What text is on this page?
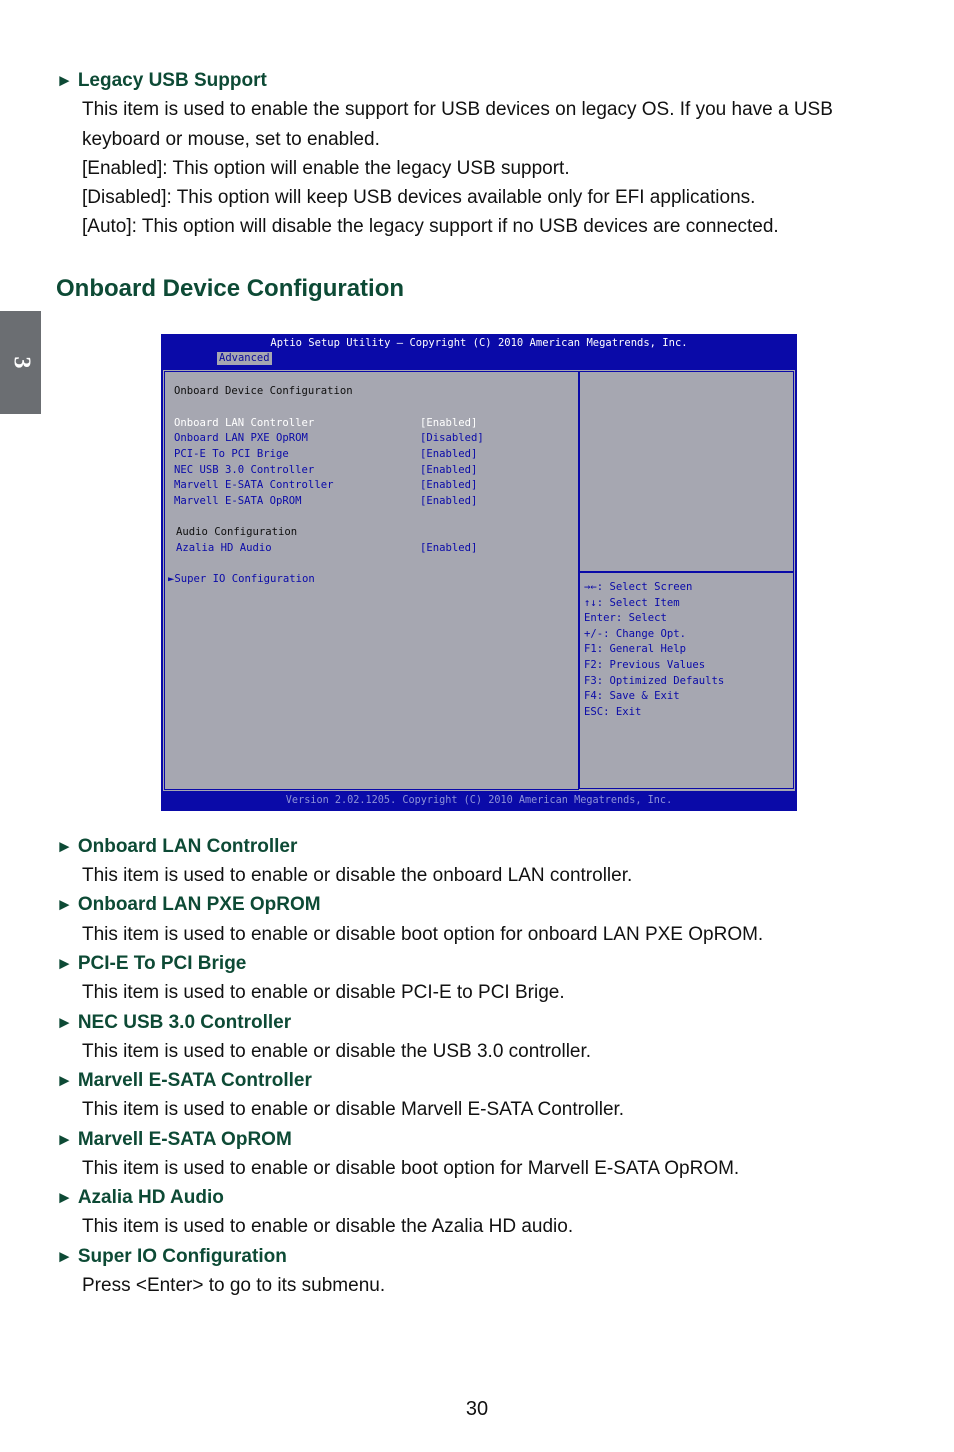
3
► Legacy USB Support
This item is used to enable the support for USB devices on legacy OS. If you have a USB
keyboard or mouse, set to enabled.
[Enabled]: This option will enable the legacy USB support.
[Disabled]: This option will keep USB devices available only for EFI applications.
[Auto]: This option will disable the legacy support if no USB devices are connected.
Onboard Device Configuration
Aptio Setup Utility – Copyright (C) 2010 American Megatrends, Inc.
Advanced
Onboard Device Configuration
Onboard LAN Controller	[Enabled]
Onboard LAN PXE OpROM	[Disabled]
PCI-E To PCI Brige	[Enabled]
NEC USB 3.0 Controller	[Enabled]
Marvell E-SATA Controller	[Enabled]
Marvell E-SATA OpROM	[Enabled]
Audio Configuration
Azalia HD Audio	[Enabled]
►Super IO Configuration
→←: Select Screen
↑↓: Select Item
Enter: Select
+/-: Change Opt.
F1: General Help
F2: Previous Values
F3: Optimized Defaults
F4: Save & Exit
ESC: Exit
Version 2.02.1205. Copyright (C) 2010 American Megatrends, Inc.
► Onboard LAN Controller
This item is used to enable or disable the onboard LAN controller.
► Onboard LAN PXE OpROM
This item is used to enable or disable boot option for onboard LAN PXE OpROM.
► PCI-E To PCI Brige
This item is used to enable or disable PCI-E to PCI Brige.
► NEC USB 3.0 Controller
This item is used to enable or disable the USB 3.0 controller.
► Marvell E-SATA Controller
This item is used to enable or disable Marvell E-SATA Controller.
► Marvell E-SATA OpROM
This item is used to enable or disable boot option for Marvell E-SATA OpROM.
► Azalia HD Audio
This item is used to enable or disable the Azalia HD audio.
► Super IO Configuration
Press <Enter> to go to its submenu.
30
